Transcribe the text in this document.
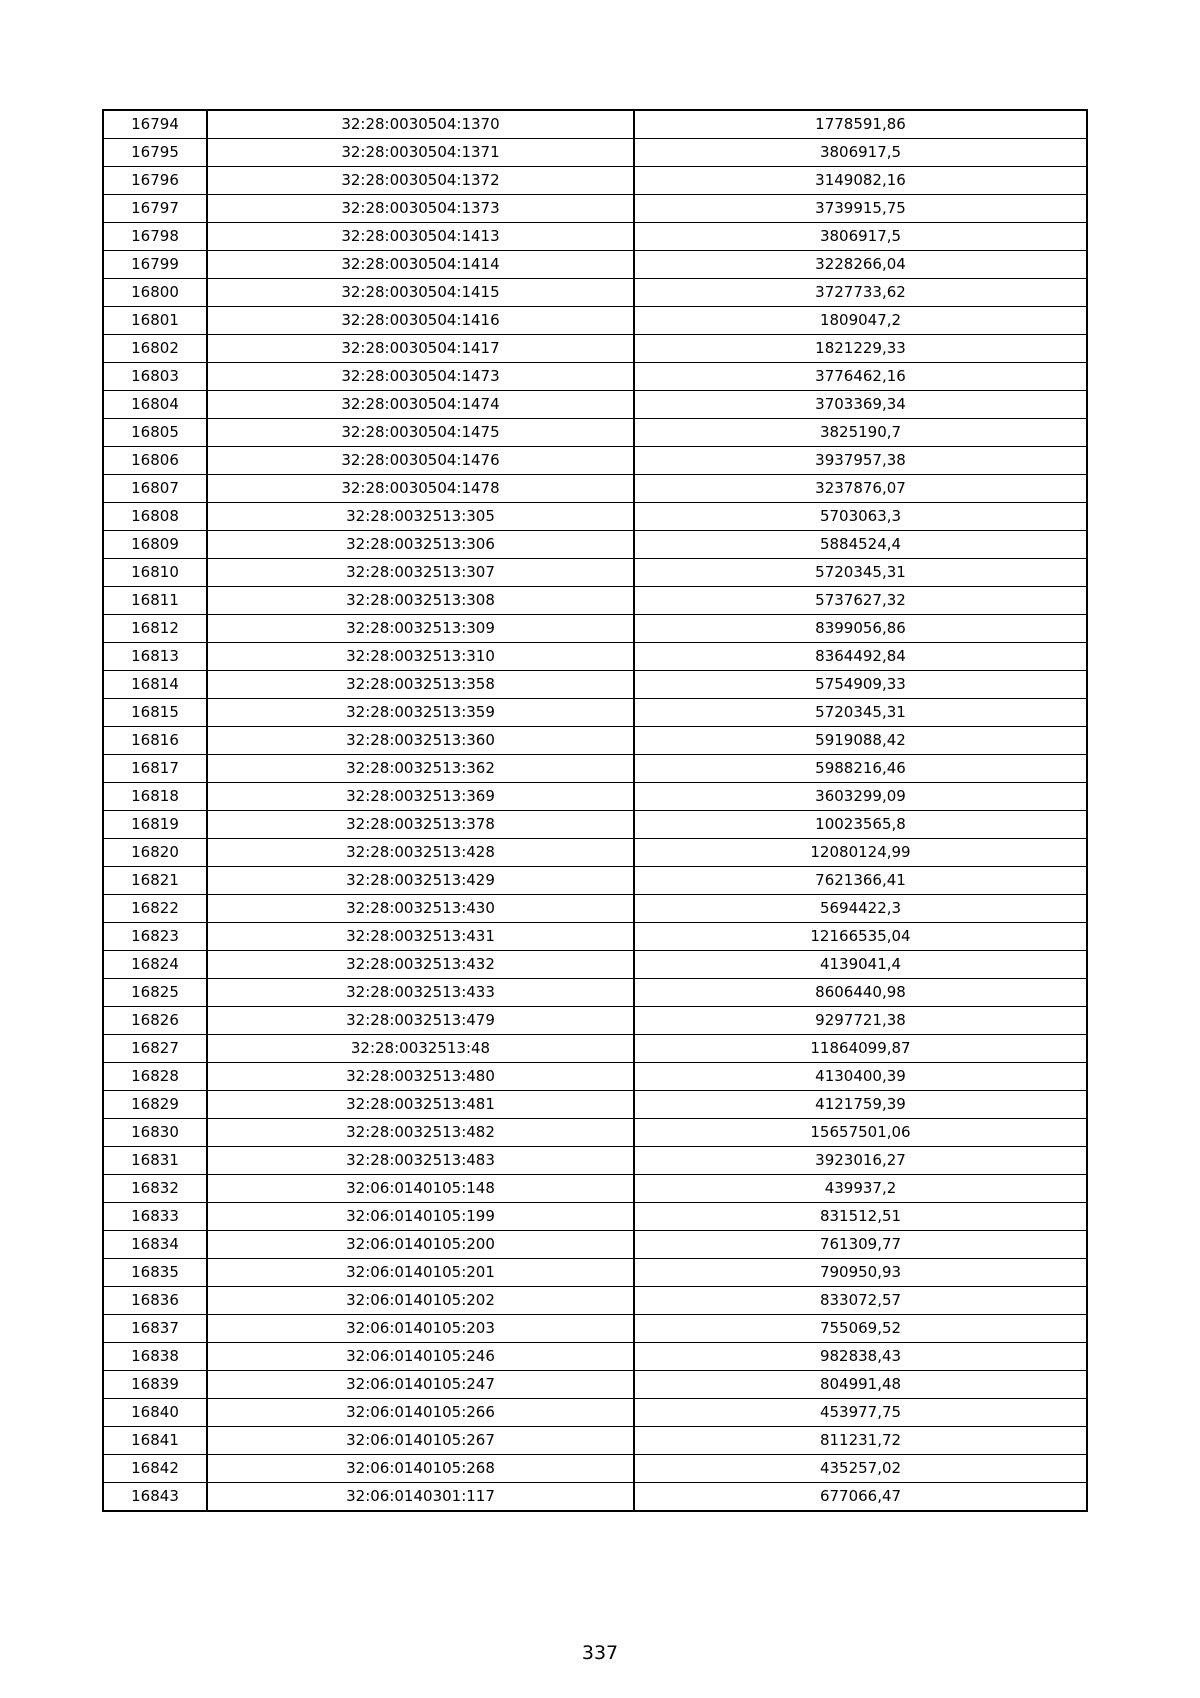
16794	32:28:0030504:1370	1778591,86
16795	32:28:0030504:1371	3806917,5
16796	32:28:0030504:1372	3149082,16
16797	32:28:0030504:1373	3739915,75
16798	32:28:0030504:1413	3806917,5
16799	32:28:0030504:1414	3228266,04
16800	32:28:0030504:1415	3727733,62
16801	32:28:0030504:1416	1809047,2
16802	32:28:0030504:1417	1821229,33
16803	32:28:0030504:1473	3776462,16
16804	32:28:0030504:1474	3703369,34
16805	32:28:0030504:1475	3825190,7
16806	32:28:0030504:1476	3937957,38
16807	32:28:0030504:1478	3237876,07
16808	32:28:0032513:305	5703063,3
16809	32:28:0032513:306	5884524,4
16810	32:28:0032513:307	5720345,31
16811	32:28:0032513:308	5737627,32
16812	32:28:0032513:309	8399056,86
16813	32:28:0032513:310	8364492,84
16814	32:28:0032513:358	5754909,33
16815	32:28:0032513:359	5720345,31
16816	32:28:0032513:360	5919088,42
16817	32:28:0032513:362	5988216,46
16818	32:28:0032513:369	3603299,09
16819	32:28:0032513:378	10023565,8
16820	32:28:0032513:428	12080124,99
16821	32:28:0032513:429	7621366,41
16822	32:28:0032513:430	5694422,3
16823	32:28:0032513:431	12166535,04
16824	32:28:0032513:432	4139041,4
16825	32:28:0032513:433	8606440,98
16826	32:28:0032513:479	9297721,38
16827	32:28:0032513:48	11864099,87
16828	32:28:0032513:480	4130400,39
16829	32:28:0032513:481	4121759,39
16830	32:28:0032513:482	15657501,06
16831	32:28:0032513:483	3923016,27
16832	32:06:0140105:148	439937,2
16833	32:06:0140105:199	831512,51
16834	32:06:0140105:200	761309,77
16835	32:06:0140105:201	790950,93
16836	32:06:0140105:202	833072,57
16837	32:06:0140105:203	755069,52
16838	32:06:0140105:246	982838,43
16839	32:06:0140105:247	804991,48
16840	32:06:0140105:266	453977,75
16841	32:06:0140105:267	811231,72
16842	32:06:0140105:268	435257,02
16843	32:06:0140301:117	677066,47
337
